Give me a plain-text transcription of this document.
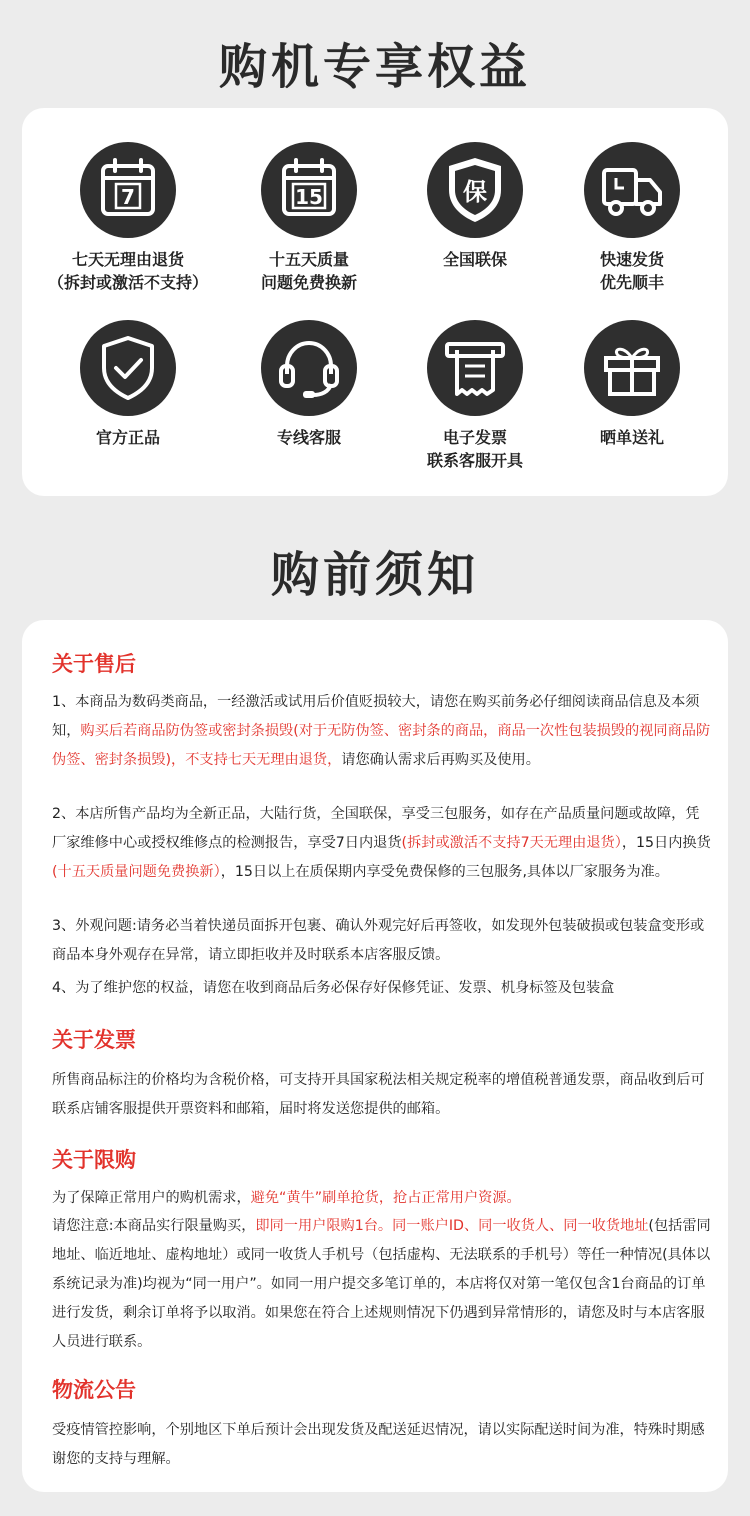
购机专享权益
7
七天无理由退货
（拆封或激活不支持）
15
十五天质量
问题免费换新
保
全国联保	快速发货
优先顺丰
官方正品	专线客服	电子发票
联系客服开具
晒单送礼
购前须知
关于售后

1、本商品为数码类商品，一经激活或试用后价值贬损较大，请您在购买前务必仔细阅读商品信息及本须知，购买后若商品防伪签或密封条损毁(对于无防伪签、密封条的商品，商品一次性包装损毁的视同商品防伪签、密封条损毁)，不支持七天无理由退货，请您确认需求后再购买及使用。

2、本店所售产品均为全新正品，大陆行货，全国联保，享受三包服务，如存在产品质量问题或故障，凭厂家维修中心或授权维修点的检测报告，享受7日内退货(拆封或激活不支持7天无理由退货），15日内换货(十五天质量问题免费换新），15日以上在质保期内享受免费保修的三包服务,具体以厂家服务为准。

3、外观问题:请务必当着快递员面拆开包裹、确认外观完好后再签收，如发现外包装破损或包装盒变形或商品本身外观存在异常，请立即拒收并及时联系本店客服反馈。

4、为了维护您的权益，请您在收到商品后务必保存好保修凭证、发票、机身标签及包装盒

关于发票

所售商品标注的价格均为含税价格，可支持开具国家税法相关规定税率的增值税普通发票，商品收到后可联系店铺客服提供开票资料和邮箱，届时将发送您提供的邮箱。

关于限购

为了保障正常用户的购机需求，避免“黄牛”刷单抢货，抢占正常用户资源。

请您注意:本商品实行限量购买，即同一用户限购1台。同一账户ID、同一收货人、同一收货地址(包括雷同地址、临近地址、虚构地址）或同一收货人手机号（包括虚构、无法联系的手机号）等任一种情况(具体以系统记录为准)均视为“同一用户”。如同一用户提交多笔订单的，本店将仅对第一笔仅包含1台商品的订单进行发货，剩余订单将予以取消。如果您在符合上述规则情况下仍遇到异常情形的，请您及时与本店客服人员进行联系。

物流公告

受疫情管控影响，个别地区下单后预计会出现发货及配送延迟情况，请以实际配送时间为准，特殊时期感谢您的支持与理解。
